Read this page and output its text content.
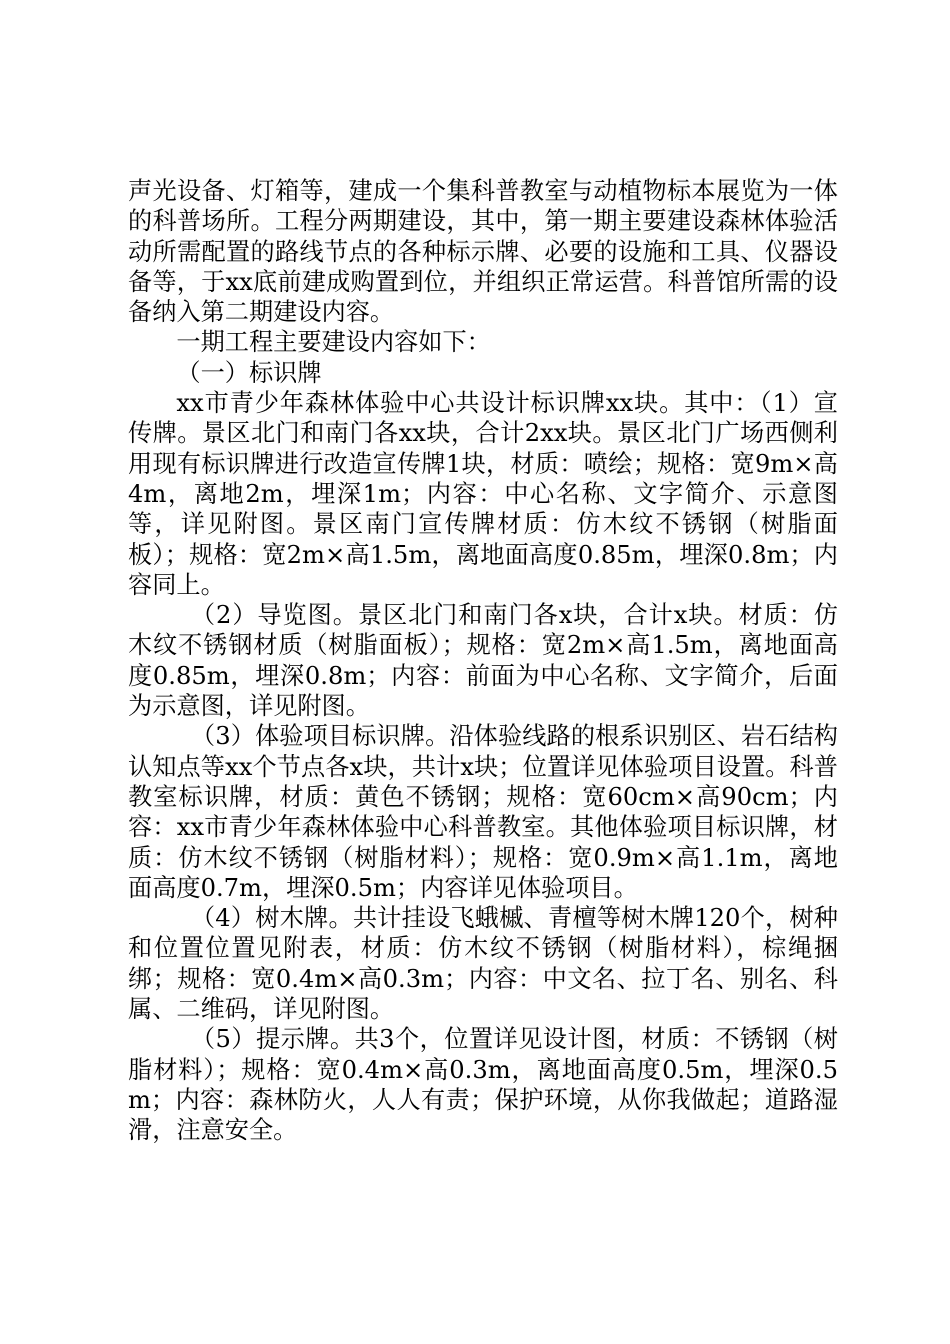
声光设备、灯箱等，建成一个集科普教室与动植物标本展览为一体的科普场所。工程分两期建设，其中，第一期主要建设森林体验活动所需配置的路线节点的各种标示牌、必要的设施和工具、仪器设备等，于xx底前建成购置到位，并组织正常运营。科普馆所需的设备纳入第二期建设内容。

一期工程主要建设内容如下：

（一）标识牌

xx市青少年森林体验中心共设计标识牌xx块。其中：（1）宣传牌。景区北门和南门各xx块，合计2xx块。景区北门广场西侧利用现有标识牌进行改造宣传牌1块，材质：喷绘；规格：宽9m×高4m，离地2m，埋深1m；内容：中心名称、文字简介、示意图等，详见附图。景区南门宣传牌材质：仿木纹不锈钢（树脂面板）；规格：宽2m×高1.5m，离地面高度0.85m，埋深0.8m；内容同上。

（2）导览图。景区北门和南门各x块，合计x块。材质：仿木纹不锈钢材质（树脂面板）；规格：宽2m×高1.5m，离地面高度0.85m，埋深0.8m；内容：前面为中心名称、文字简介，后面为示意图，详见附图。

（3）体验项目标识牌。沿体验线路的根系识别区、岩石结构认知点等xx个节点各x块，共计x块；位置详见体验项目设置。科普教室标识牌，材质：黄色不锈钢；规格：宽60cm×高90cm；内容：xx市青少年森林体验中心科普教室。其他体验项目标识牌，材质：仿木纹不锈钢（树脂材料）；规格：宽0.9m×高1.1m，离地面高度0.7m，埋深0.5m；内容详见体验项目。

（4）树木牌。共计挂设飞蛾槭、青檀等树木牌120个，树种和位置位置见附表，材质：仿木纹不锈钢（树脂材料），棕绳捆绑；规格：宽0.4m×高0.3m；内容：中文名、拉丁名、别名、科属、二维码，详见附图。

（5）提示牌。共3个，位置详见设计图，材质：不锈钢（树脂材料）；规格：宽0.4m×高0.3m，离地面高度0.5m，埋深0.5m；内容：森林防火，人人有责；保护环境，从你我做起；道路湿滑，注意安全。
